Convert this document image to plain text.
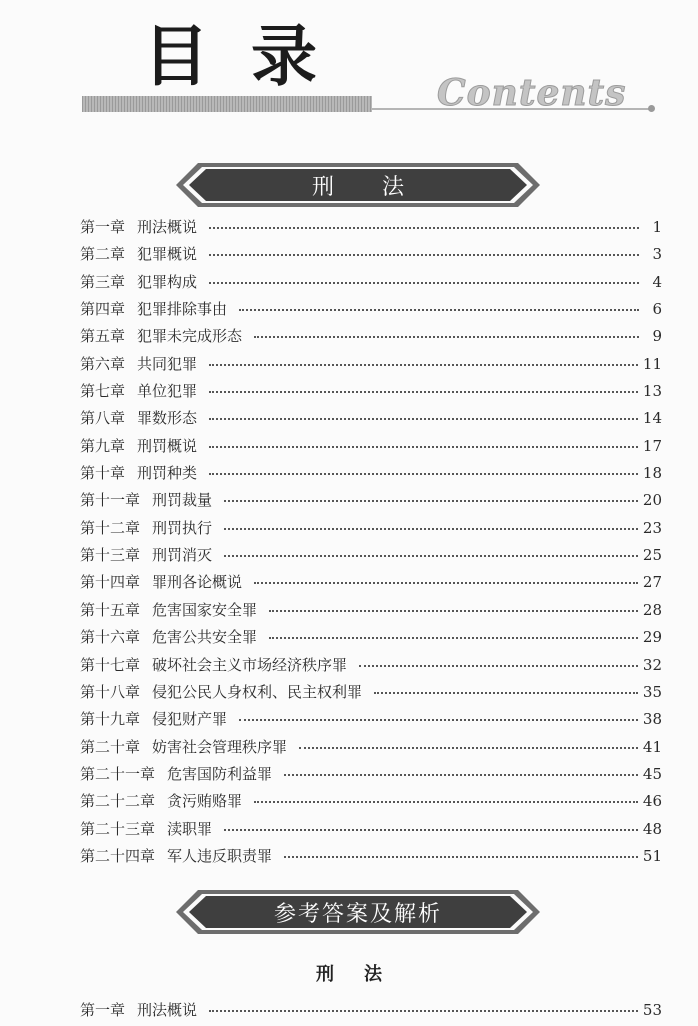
目录 Contents
刑法
第一章 刑法概说	1
第二章 犯罪概说	3
第三章 犯罪构成	4
第四章 犯罪排除事由	6
第五章 犯罪未完成形态	9
第六章 共同犯罪	11
第七章 单位犯罪	13
第八章 罪数形态	14
第九章 刑罚概说	17
第十章 刑罚种类	18
第十一章 刑罚裁量	20
第十二章 刑罚执行	23
第十三章 刑罚消灭	25
第十四章 罪刑各论概说	27
第十五章 危害国家安全罪	28
第十六章 危害公共安全罪	29
第十七章 破坏社会主义市场经济秩序罪	32
第十八章 侵犯公民人身权利、民主权利罪	35
第十九章 侵犯财产罪	38
第二十章 妨害社会管理秩序罪	41
第二十一章 危害国防利益罪	45
第二十二章 贪污贿赂罪	46
第二十三章 渎职罪	48
第二十四章 军人违反职责罪	51
参考答案及解析
刑法
第一章 刑法概说	53
